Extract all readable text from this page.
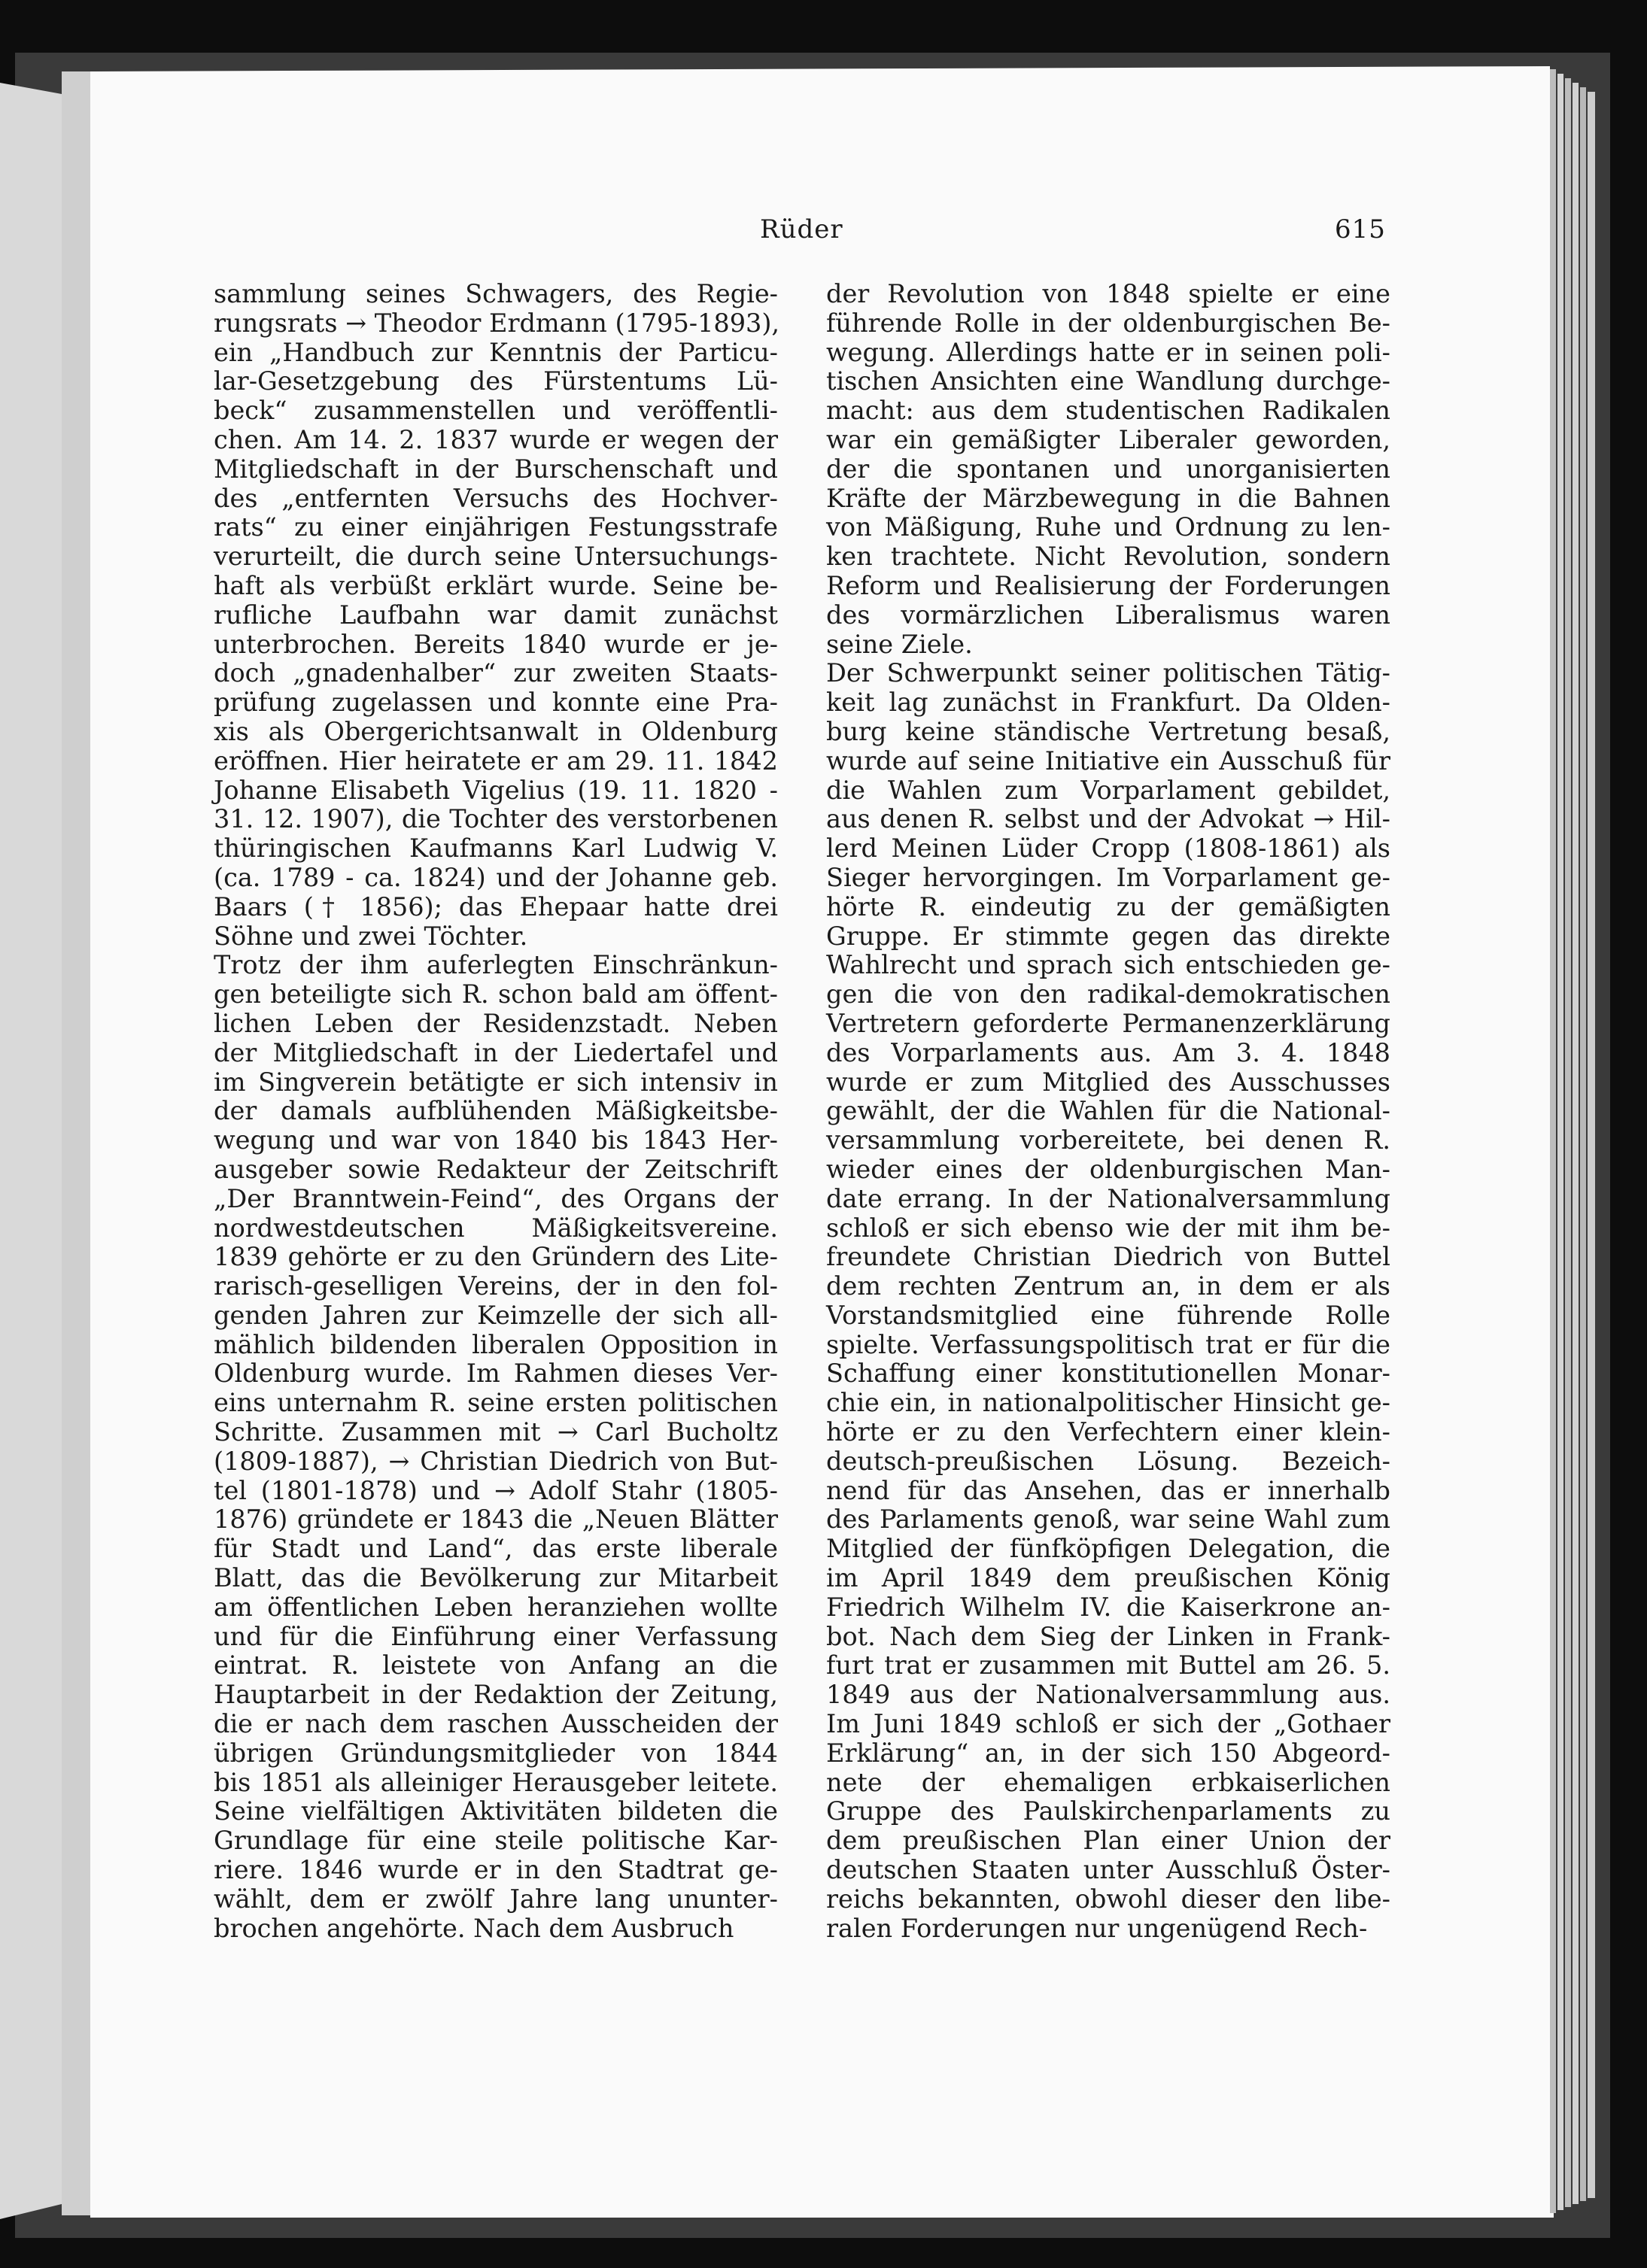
Rüder	615
sammlung seines Schwagers, des Regie-
rungsrats → Theodor Erdmann (1795-1893),
ein „Handbuch zur Kenntnis der Particu-
lar-Gesetzgebung des Fürstentums Lü-
beck“ zusammenstellen und veröffentli-
chen. Am 14. 2. 1837 wurde er wegen der
Mitgliedschaft in der Burschenschaft und
des „entfernten Versuchs des Hochver-
rats“ zu einer einjährigen Festungsstrafe
verurteilt, die durch seine Untersuchungs-
haft als verbüßt erklärt wurde. Seine be-
rufliche Laufbahn war damit zunächst
unterbrochen. Bereits 1840 wurde er je-
doch „gnadenhalber“ zur zweiten Staats-
prüfung zugelassen und konnte eine Pra-
xis als Obergerichtsanwalt in Oldenburg
eröffnen. Hier heiratete er am 29. 11. 1842
Johanne Elisabeth Vigelius (19. 11. 1820 -
31. 12. 1907), die Tochter des verstorbenen
thüringischen Kaufmanns Karl Ludwig V.
(ca. 1789 - ca. 1824) und der Johanne geb.
Baars († 1856); das Ehepaar hatte drei
Söhne und zwei Töchter.
Trotz der ihm auferlegten Einschränkun-
gen beteiligte sich R. schon bald am öffent-
lichen Leben der Residenzstadt. Neben
der Mitgliedschaft in der Liedertafel und
im Singverein betätigte er sich intensiv in
der damals aufblühenden Mäßigkeitsbe-
wegung und war von 1840 bis 1843 Her-
ausgeber sowie Redakteur der Zeitschrift
„Der Branntwein-Feind“, des Organs der
nordwestdeutschen Mäßigkeitsvereine.
1839 gehörte er zu den Gründern des Lite-
rarisch-geselligen Vereins, der in den fol-
genden Jahren zur Keimzelle der sich all-
mählich bildenden liberalen Opposition in
Oldenburg wurde. Im Rahmen dieses Ver-
eins unternahm R. seine ersten politischen
Schritte. Zusammen mit → Carl Bucholtz
(1809-1887), → Christian Diedrich von But-
tel (1801-1878) und → Adolf Stahr (1805-
1876) gründete er 1843 die „Neuen Blätter
für Stadt und Land“, das erste liberale
Blatt, das die Bevölkerung zur Mitarbeit
am öffentlichen Leben heranziehen wollte
und für die Einführung einer Verfassung
eintrat. R. leistete von Anfang an die
Hauptarbeit in der Redaktion der Zeitung,
die er nach dem raschen Ausscheiden der
übrigen Gründungsmitglieder von 1844
bis 1851 als alleiniger Herausgeber leitete.
Seine vielfältigen Aktivitäten bildeten die
Grundlage für eine steile politische Kar-
riere. 1846 wurde er in den Stadtrat ge-
wählt, dem er zwölf Jahre lang ununter-
brochen angehörte. Nach dem Ausbruch
der Revolution von 1848 spielte er eine
führende Rolle in der oldenburgischen Be-
wegung. Allerdings hatte er in seinen poli-
tischen Ansichten eine Wandlung durchge-
macht: aus dem studentischen Radikalen
war ein gemäßigter Liberaler geworden,
der die spontanen und unorganisierten
Kräfte der Märzbewegung in die Bahnen
von Mäßigung, Ruhe und Ordnung zu len-
ken trachtete. Nicht Revolution, sondern
Reform und Realisierung der Forderungen
des vormärzlichen Liberalismus waren
seine Ziele.
Der Schwerpunkt seiner politischen Tätig-
keit lag zunächst in Frankfurt. Da Olden-
burg keine ständische Vertretung besaß,
wurde auf seine Initiative ein Ausschuß für
die Wahlen zum Vorparlament gebildet,
aus denen R. selbst und der Advokat → Hil-
lerd Meinen Lüder Cropp (1808-1861) als
Sieger hervorgingen. Im Vorparlament ge-
hörte R. eindeutig zu der gemäßigten
Gruppe. Er stimmte gegen das direkte
Wahlrecht und sprach sich entschieden ge-
gen die von den radikal-demokratischen
Vertretern geforderte Permanenzerklärung
des Vorparlaments aus. Am 3. 4. 1848
wurde er zum Mitglied des Ausschusses
gewählt, der die Wahlen für die National-
versammlung vorbereitete, bei denen R.
wieder eines der oldenburgischen Man-
date errang. In der Nationalversammlung
schloß er sich ebenso wie der mit ihm be-
freundete Christian Diedrich von Buttel
dem rechten Zentrum an, in dem er als
Vorstandsmitglied eine führende Rolle
spielte. Verfassungspolitisch trat er für die
Schaffung einer konstitutionellen Monar-
chie ein, in nationalpolitischer Hinsicht ge-
hörte er zu den Verfechtern einer klein-
deutsch-preußischen Lösung. Bezeich-
nend für das Ansehen, das er innerhalb
des Parlaments genoß, war seine Wahl zum
Mitglied der fünfköpfigen Delegation, die
im April 1849 dem preußischen König
Friedrich Wilhelm IV. die Kaiserkrone an-
bot. Nach dem Sieg der Linken in Frank-
furt trat er zusammen mit Buttel am 26. 5.
1849 aus der Nationalversammlung aus.
Im Juni 1849 schloß er sich der „Gothaer
Erklärung“ an, in der sich 150 Abgeord-
nete der ehemaligen erbkaiserlichen
Gruppe des Paulskirchenparlaments zu
dem preußischen Plan einer Union der
deutschen Staaten unter Ausschluß Öster-
reichs bekannten, obwohl dieser den libe-
ralen Forderungen nur ungenügend Rech-
